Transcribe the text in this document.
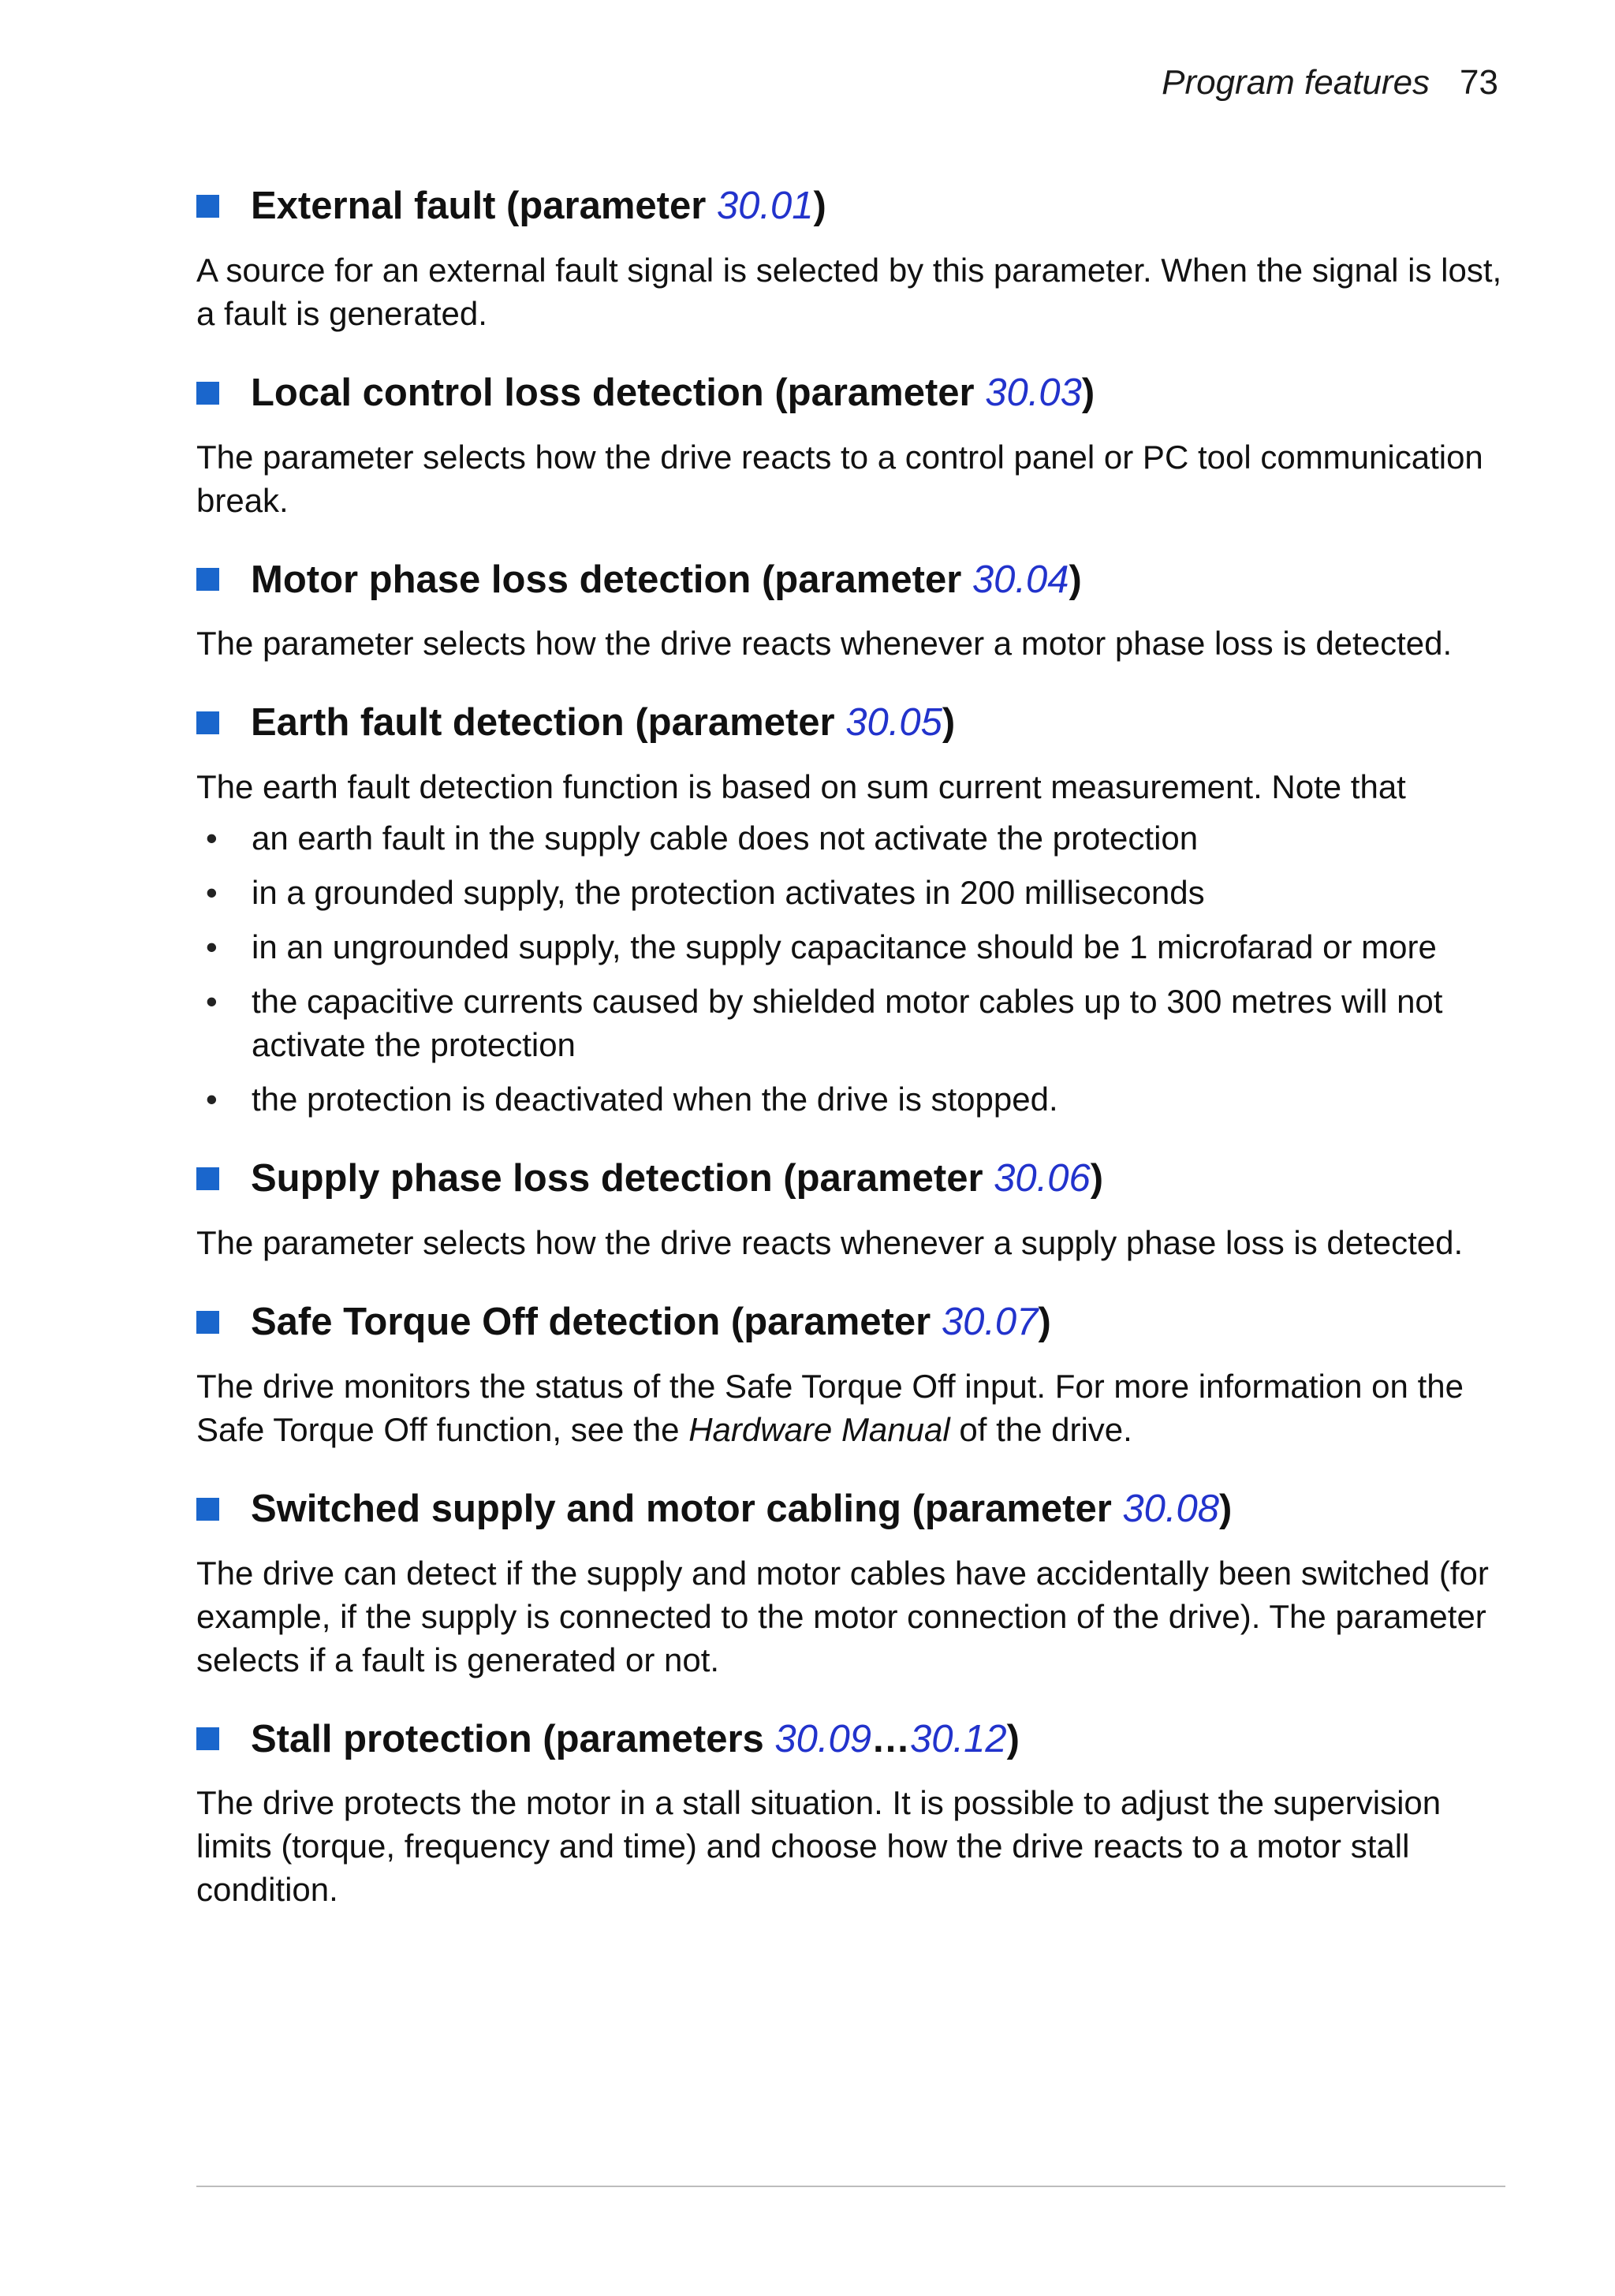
Program features 73
External fault (parameter 30.01)

A source for an external fault signal is selected by this parameter. When the signal is lost, a fault is generated.

Local control loss detection (parameter 30.03)

The parameter selects how the drive reacts to a control panel or PC tool communication break.

Motor phase loss detection (parameter 30.04)

The parameter selects how the drive reacts whenever a motor phase loss is detected.

Earth fault detection (parameter 30.05)

The earth fault detection function is based on sum current measurement. Note that

• an earth fault in the supply cable does not activate the protection
• in a grounded supply, the protection activates in 200 milliseconds
• in an ungrounded supply, the supply capacitance should be 1 microfarad or more
• the capacitive currents caused by shielded motor cables up to 300 metres will not activate the protection
• the protection is deactivated when the drive is stopped.
Supply phase loss detection (parameter 30.06)

The parameter selects how the drive reacts whenever a supply phase loss is detected.

Safe Torque Off detection (parameter 30.07)

The drive monitors the status of the Safe Torque Off input. For more information on the Safe Torque Off function, see the Hardware Manual of the drive.

Switched supply and motor cabling (parameter 30.08)

The drive can detect if the supply and motor cables have accidentally been switched (for example, if the supply is connected to the motor connection of the drive). The parameter selects if a fault is generated or not.

Stall protection (parameters 30.09…30.12)

The drive protects the motor in a stall situation. It is possible to adjust the supervision limits (torque, frequency and time) and choose how the drive reacts to a motor stall condition.
